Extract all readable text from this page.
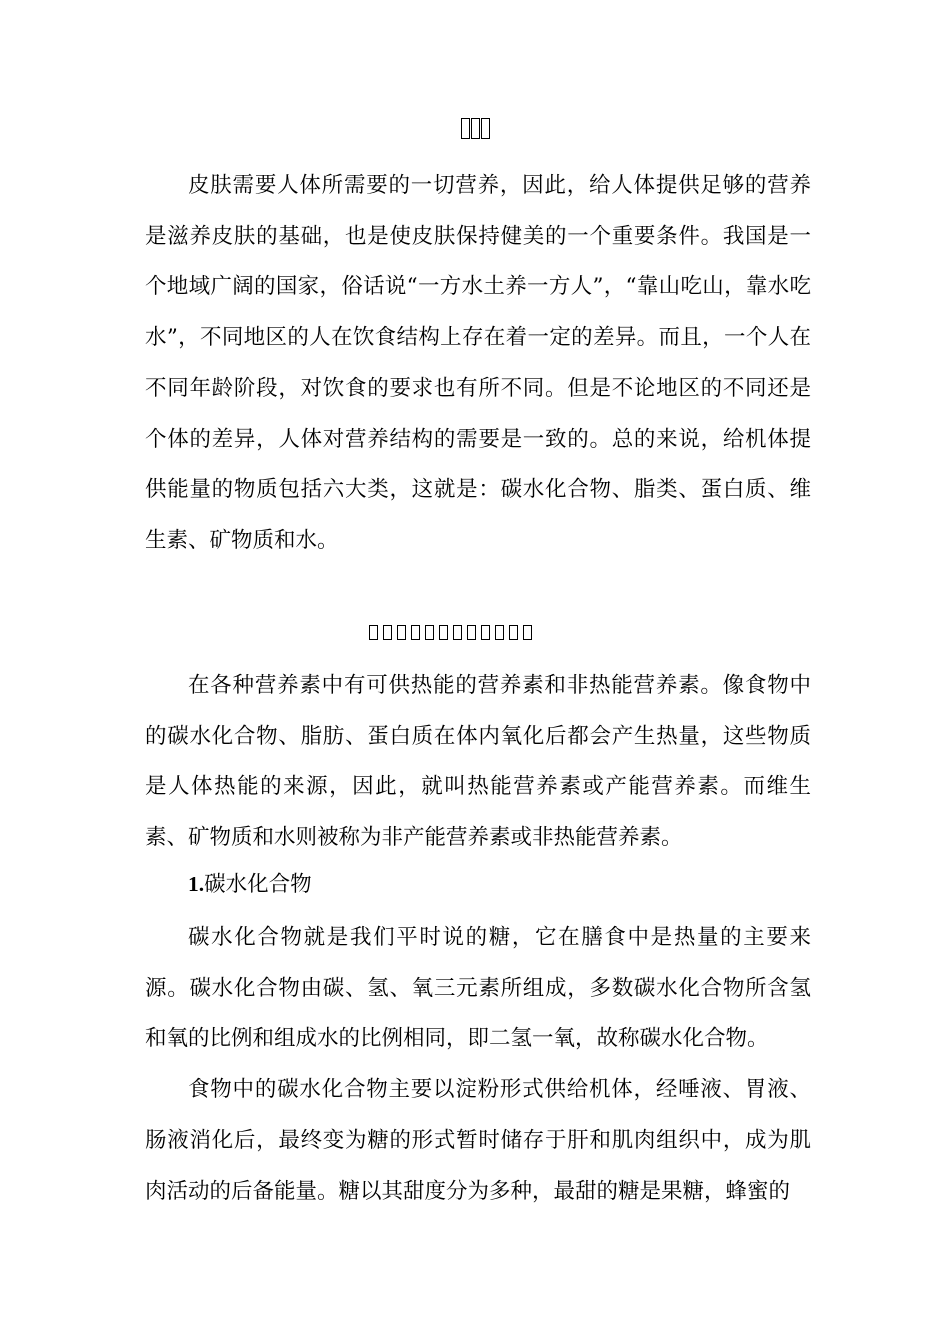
皮肤需要人体所需要的一切营养，因此，给人体提供足够的营养是滋养皮肤的基础，也是使皮肤保持健美的一个重要条件。我国是一个地域广阔的国家，俗话说“一方水土养一方人”，“靠山吃山，靠水吃水”，不同地区的人在饮食结构上存在着一定的差异。而且，一个人在不同年龄阶段，对饮食的要求也有所不同。但是不论地区的不同还是个体的差异，人体对营养结构的需要是一致的。总的来说，给机体提供能量的物质包括六大类，这就是：碳水化合物、脂类、蛋白质、维生素、矿物质和水。

在各种营养素中有可供热能的营养素和非热能营养素。像食物中的碳水化合物、脂肪、蛋白质在体内氧化后都会产生热量，这些物质是人体热能的来源，因此，就叫热能营养素或产能营养素。而维生素、矿物质和水则被称为非产能营养素或非热能营养素。

1.碳水化合物

碳水化合物就是我们平时说的糖，它在膳食中是热量的主要来源。碳水化合物由碳、氢、氧三元素所组成，多数碳水化合物所含氢和氧的比例和组成水的比例相同，即二氢一氧，故称碳水化合物。

食物中的碳水化合物主要以淀粉形式供给机体，经唾液、胃液、肠液消化后，最终变为糖的形式暂时储存于肝和肌肉组织中，成为肌肉活动的后备能量。糖以其甜度分为多种，最甜的糖是果糖，蜂蜜的
